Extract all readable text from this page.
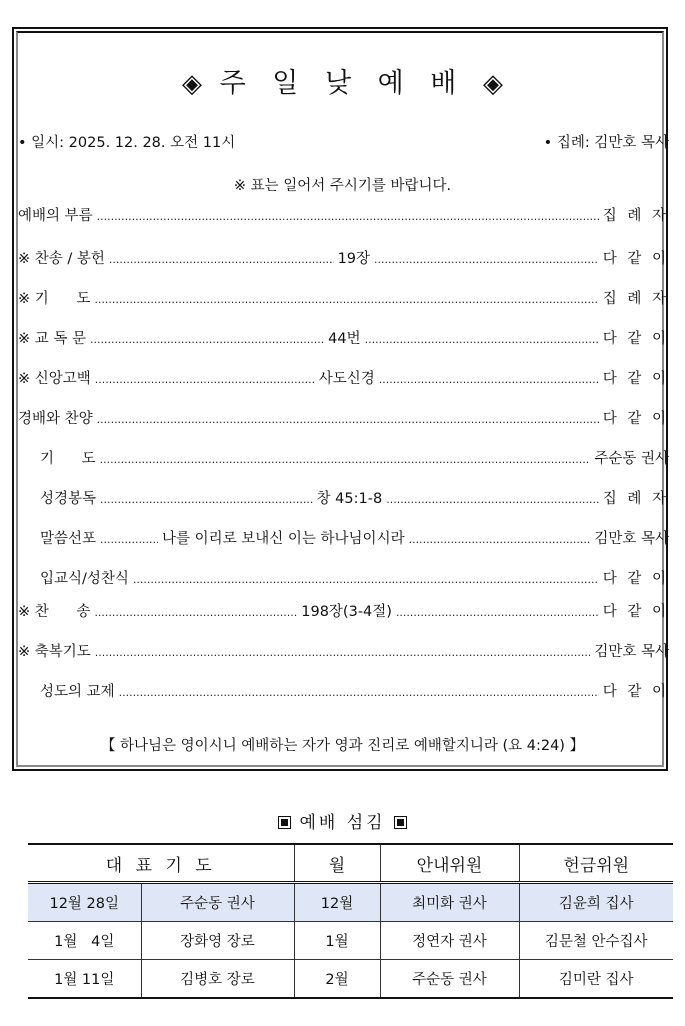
◈ 주 일 낮 예 배 ◈
• 일시: 2025. 12. 28. 오전 11시	• 집례: 김만호 목사
※ 표는 일어서 주시기를 바랍니다.
예배의 부름 .....	집 례 자
※ 찬송 / 봉헌 .....	19장 .....	다 같 이
※ 기      도 .....	집 례 자
※ 교 독 문 .....	44번 .....	다 같 이
※ 신앙고백 .....	사도신경 .....	다 같 이
경배와 찬양 .....	다 같 이
기      도 .....	주순동 권사
성경봉독 .....	창 45:1-8 .....	집 례 자
말씀선포 .....	나를 이리로 보내신 이는 하나님이시라 .....	김만호 목사
입교식/성찬식 .....	다 같 이
※ 찬      송 .....	198장(3-4절) .....	다 같 이
※ 축복기도 .....	김만호 목사
성도의 교제 .....	다 같 이
【 하나님은 영이시니 예배하는 자가 영과 진리로 예배할지니라 (요 4:24) 】
예배 섬김
대 표 기 도		월	안내위원	헌금위원
12월 28일	주순동 권사	12월	최미화 권사	김윤희 집사
1월   4일	장화영 장로	1월	정연자 권사	김문철 안수집사
1월 11일	김병호 장로	2월	주순동 권사	김미란 집사
